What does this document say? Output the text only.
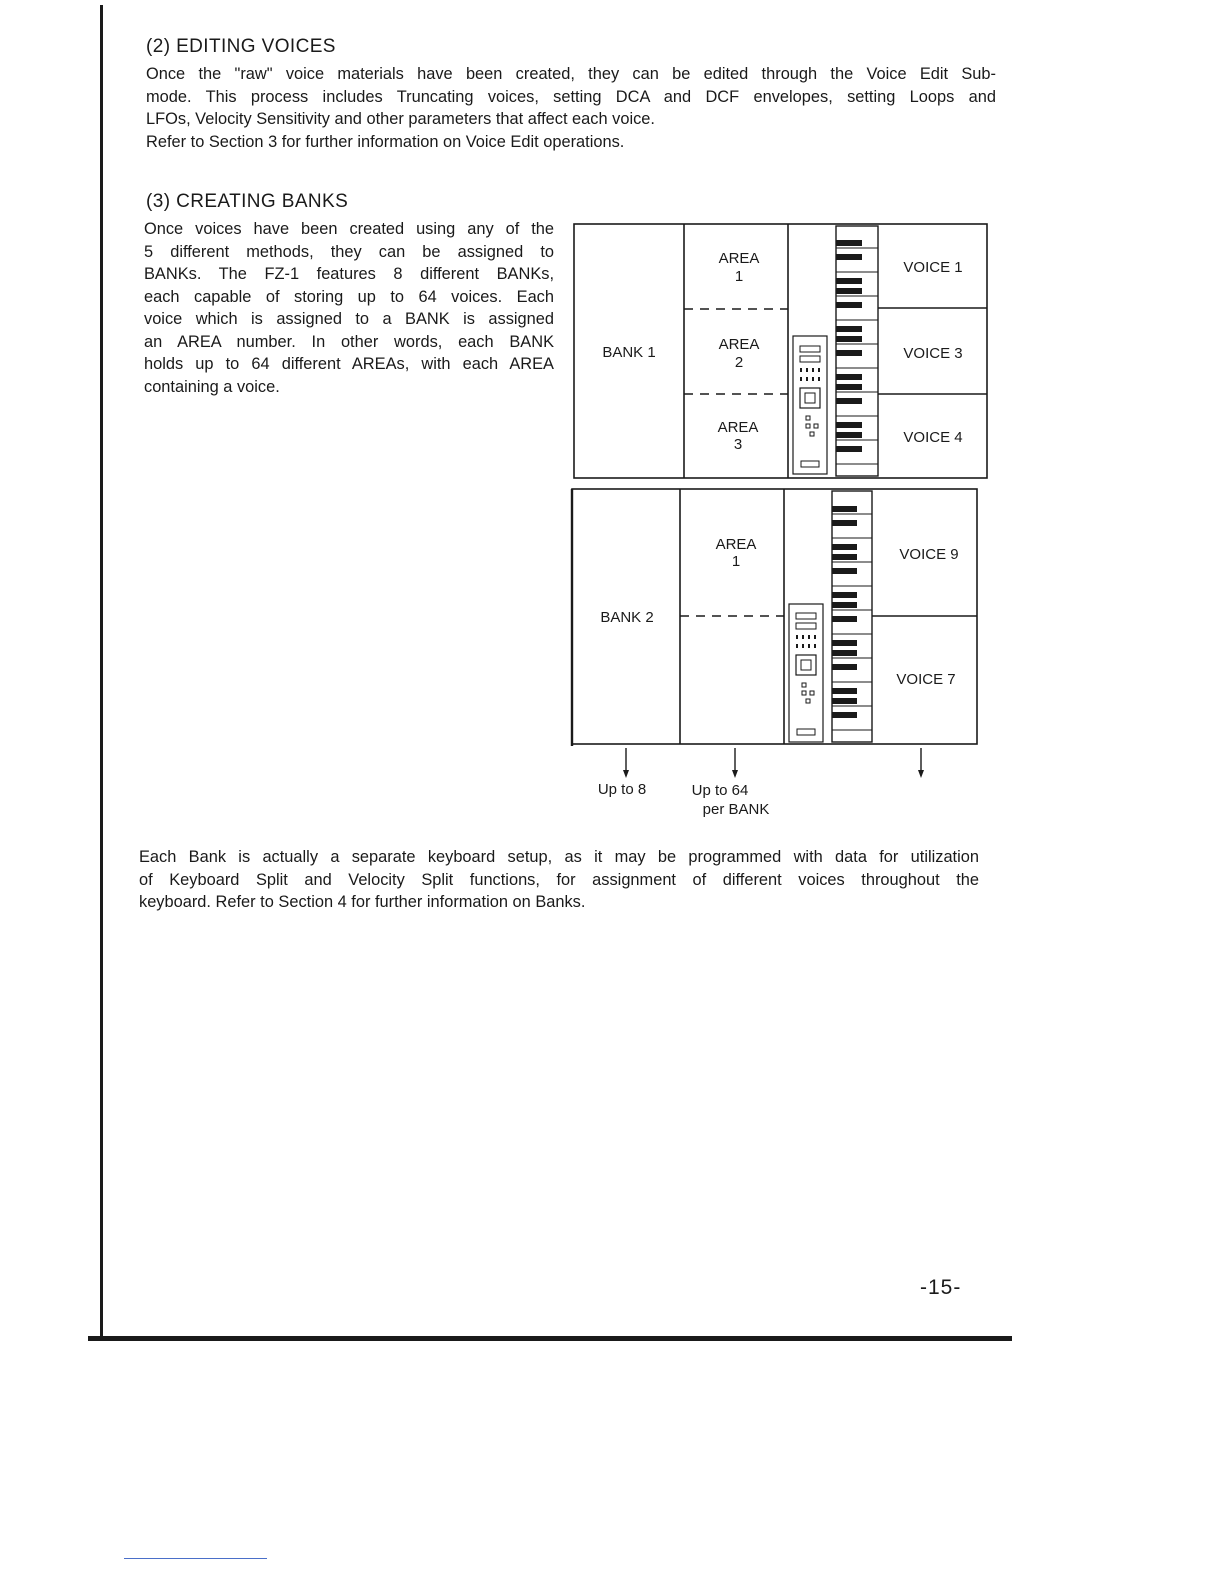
(2) EDITING VOICES
Once the "raw" voice materials have been created, they can be edited through the Voice Edit Sub-
mode. This process includes Truncating voices, setting DCA and DCF envelopes, setting Loops and
LFOs, Velocity Sensitivity and other parameters that affect each voice.
Refer to Section 3 for further information on Voice Edit operations.
(3) CREATING BANKS
Once voices have been created using any of the
5 different methods, they can be assigned to
BANKs. The FZ-1 features 8 different BANKs,
each capable of storing up to 64 voices. Each
voice which is assigned to a BANK is assigned
an AREA number. In other words, each BANK
holds up to 64 different AREAs, with each AREA
containing a voice.
BANK 1
AREA
1
AREA
2
AREA
3
VOICE 1
VOICE 3
VOICE 4
BANK 2
AREA
1	VOICE 9
VOICE 7
Up to 8	Up to 64
per BANK
Each Bank is actually a separate keyboard setup, as it may be programmed with data for utilization
of Keyboard Split and Velocity Split functions, for assignment of different voices throughout the
keyboard. Refer to Section 4 for further information on Banks.
-15-
